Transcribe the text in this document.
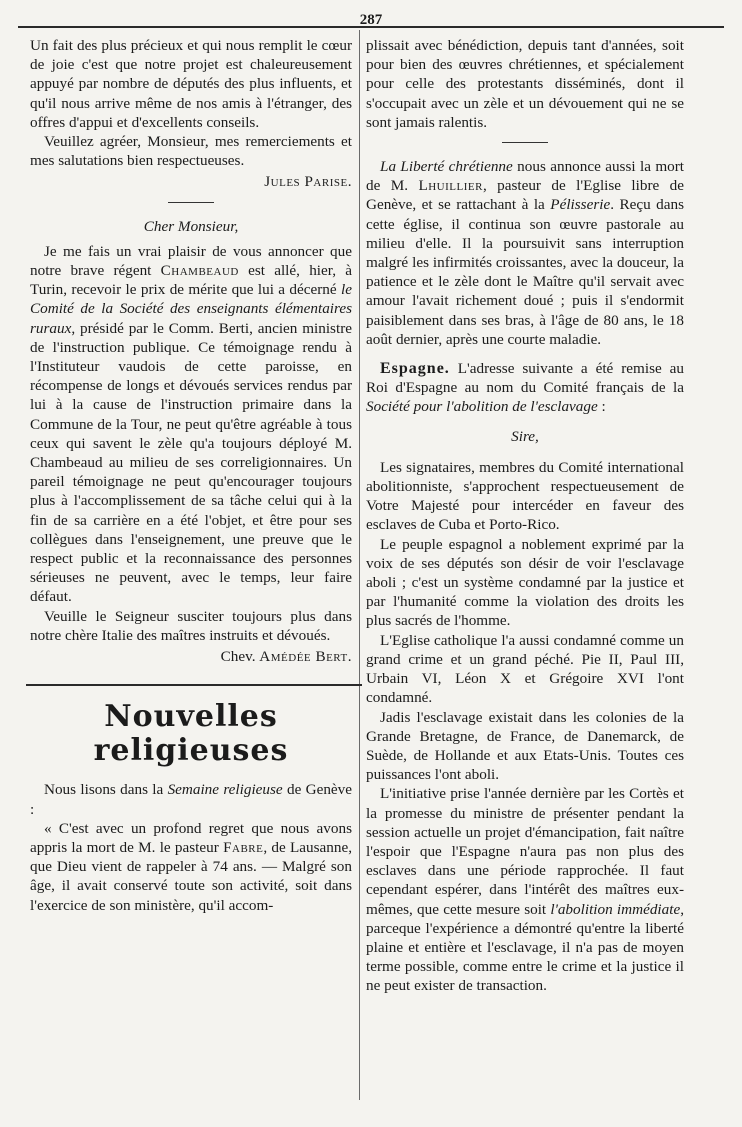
287

Un fait des plus précieux et qui nous remplit le cœur de joie c'est que notre projet est chaleureusement appuyé par nombre de députés des plus influents, et qu'il nous arrive même de nos amis à l'étranger, des offres d'appui et d'excellents conseils.

Veuillez agréer, Monsieur, mes remerciements et mes salutations bien respectueuses.

Jules Parise.

Cher Monsieur,

Je me fais un vrai plaisir de vous annoncer que notre brave régent Chambeaud est allé, hier, à Turin, recevoir le prix de mérite que lui a décerné le Comité de la Société des enseignants élémentaires ruraux, présidé par le Comm. Berti, ancien ministre de l'instruction publique. Ce témoignage rendu à l'Instituteur vaudois de cette paroisse, en récompense de longs et dévoués services rendus par lui à la cause de l'instruction primaire dans la Commune de la Tour, ne peut qu'être agréable à tous ceux qui savent le zèle qu'a toujours déployé M. Chambeaud au milieu de ses correligionnaires. Un pareil témoignage ne peut qu'encourager toujours plus à l'accomplissement de sa tâche celui qui à la fin de sa carrière en a été l'objet, et être pour ses collègues dans l'enseignement, une preuve que le respect public et la reconnaissance des personnes sérieuses ne peuvent, avec le temps, leur faire défaut.

Veuille le Seigneur susciter toujours plus dans notre chère Italie des maîtres instruits et dévoués.

Chev. Amédée Bert.

Nouvelles religieuses

Nous lisons dans la Semaine religieuse de Genève :

« C'est avec un profond regret que nous avons appris la mort de M. le pasteur Fabre, de Lausanne, que Dieu vient de rappeler à 74 ans. — Malgré son âge, il avait conservé toute son activité, soit dans l'exercice de son ministère, qu'il accom-

plissait avec bénédiction, depuis tant d'années, soit pour bien des œuvres chrétiennes, et spécialement pour celle des protestants disséminés, dont il s'occupait avec un zèle et un dévouement qui ne se sont jamais ralentis.

La Liberté chrétienne nous annonce aussi la mort de M. Lhuillier, pasteur de l'Eglise libre de Genève, et se rattachant à la Pélisserie. Reçu dans cette église, il continua son œuvre pastorale au milieu d'elle. Il la poursuivit sans interruption malgré les infirmités croissantes, avec la douceur, la patience et le zèle dont le Maître qu'il servait avec amour l'avait richement doué ; puis il s'endormit paisiblement dans ses bras, à l'âge de 80 ans, le 18 août dernier, après une courte maladie.

Espagne. L'adresse suivante a été remise au Roi d'Espagne au nom du Comité français de la Société pour l'abolition de l'esclavage :

Sire,

Les signataires, membres du Comité international abolitionniste, s'approchent respectueusement de Votre Majesté pour intercéder en faveur des esclaves de Cuba et Porto-Rico.

Le peuple espagnol a noblement exprimé par la voix de ses députés son désir de voir l'esclavage aboli ; c'est un système condamné par la justice et par l'humanité comme la violation des droits les plus sacrés de l'homme.

L'Eglise catholique l'a aussi condamné comme un grand crime et un grand péché. Pie II, Paul III, Urbain VI, Léon X et Grégoire XVI l'ont condamné.

Jadis l'esclavage existait dans les colonies de la Grande Bretagne, de France, de Danemarck, de Suède, de Hollande et aux Etats-Unis. Toutes ces puissances l'ont aboli.

L'initiative prise l'année dernière par les Cortès et la promesse du ministre de présenter pendant la session actuelle un projet d'émancipation, fait naître l'espoir que l'Espagne n'aura pas non plus des esclaves dans une période rapprochée. Il faut cependant espérer, dans l'intérêt des maîtres eux-mêmes, que cette mesure soit l'abolition immédiate, parceque l'expérience a démontré qu'entre la liberté plaine et entière et l'esclavage, il n'a pas de moyen terme possible, comme entre le crime et la justice il ne peut exister de transaction.
